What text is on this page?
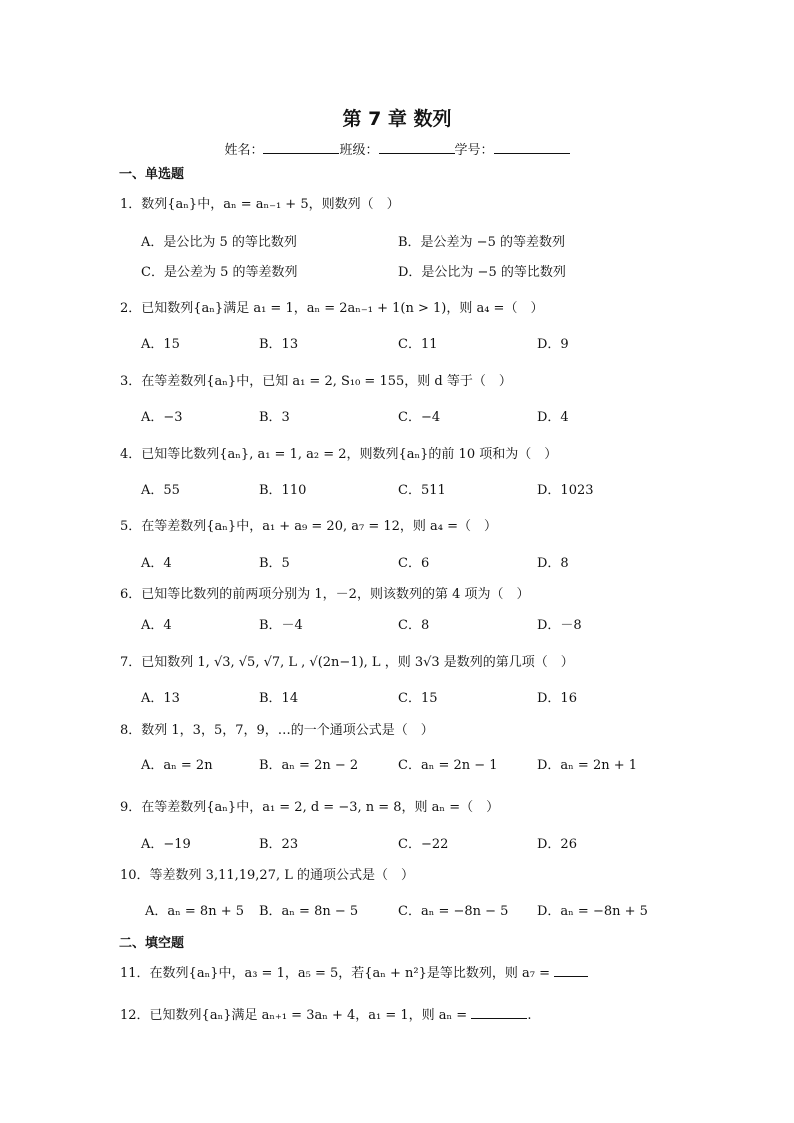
第 7 章 数列
姓名：	班级：	学号：
一、单选题
1．数列{aₙ}中，aₙ = aₙ₋₁ + 5，则数列（　）
A．是公比为 5 的等比数列	B．是公差为 −5 的等差数列
C．是公差为 5 的等差数列	D．是公比为 −5 的等比数列
2．已知数列{aₙ}满足 a₁ = 1，aₙ = 2aₙ₋₁ + 1(n > 1)，则 a₄ =（　）
A．15	B．13	C．11	D．9
3．在等差数列{aₙ}中，已知 a₁ = 2, S₁₀ = 155，则 d 等于（　）
A．−3	B．3	C．−4	D．4
4．已知等比数列{aₙ}, a₁ = 1, a₂ = 2，则数列{aₙ}的前 10 项和为（　）
A．55	B．110	C．511	D．1023
5．在等差数列{aₙ}中，a₁ + a₉ = 20, a₇ = 12，则 a₄ =（　）
A．4	B．5	C．6	D．8
6．已知等比数列的前两项分别为 1，－2，则该数列的第 4 项为（　）
A．4	B．－4	C．8	D．－8
7．已知数列 1, √3, √5, √7, L , √(2n−1), L ，则 3√3 是数列的第几项（　）
A．13	B．14	C．15	D．16
8．数列 1，3，5，7，9，…的一个通项公式是（　）
A．aₙ = 2n	B．aₙ = 2n − 2	C．aₙ = 2n − 1	D．aₙ = 2n + 1
9．在等差数列{aₙ}中，a₁ = 2, d = −3, n = 8，则 aₙ =（　）
A．−19	B．23	C．−22	D．26
10．等差数列 3,11,19,27, L 的通项公式是（　）
A．aₙ = 8n + 5 B．aₙ = 8n − 5	C．aₙ = −8n − 5 D．aₙ = −8n + 5
二、填空题
11．在数列{aₙ}中，a₃ = 1，a₅ = 5，若{aₙ + n²}是等比数列，则 a₇ =
12．已知数列{aₙ}满足 aₙ₊₁ = 3aₙ + 4，a₁ = 1，则 aₙ =	.
